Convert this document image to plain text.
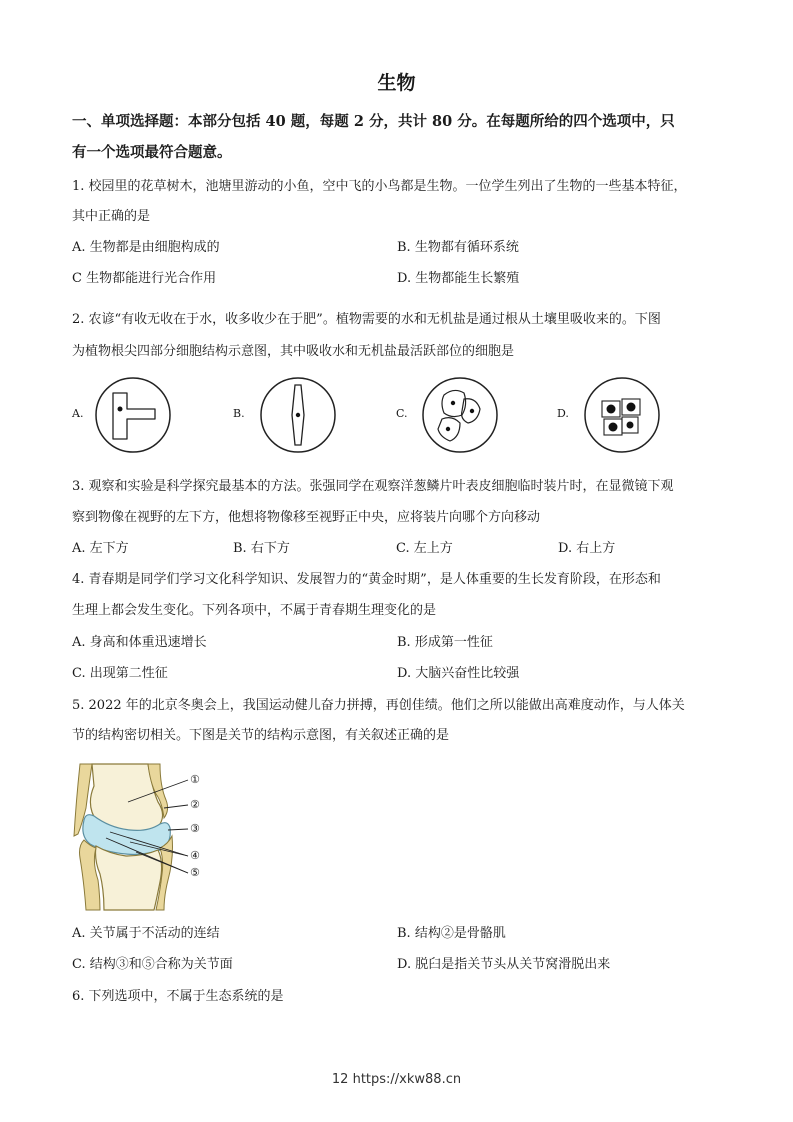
生物
一、单项选择题：本部分包括 40 题，每题 2 分，共计 80 分。在每题所给的四个选项中，只
有一个选项最符合题意。
1. 校园里的花草树木，池塘里游动的小鱼，空中飞的小鸟都是生物。一位学生列出了生物的一些基本特征，
其中正确的是
A. 生物都是由细胞构成的	B. 生物都有循环系统
C 生物都能进行光合作用	D. 生物都能生长繁殖
2. 农谚“有收无收在于水，收多收少在于肥”。植物需要的水和无机盐是通过根从土壤里吸收来的。下图
为植物根尖四部分细胞结构示意图，其中吸收水和无机盐最活跃部位的细胞是
A.	B.	C.	D.
3. 观察和实验是科学探究最基本的方法。张强同学在观察洋葱鳞片叶表皮细胞临时装片时，在显微镜下观
察到物像在视野的左下方，他想将物像移至视野正中央，应将装片向哪个方向移动
A. 左下方	B. 右下方	C. 左上方	D. 右上方
4. 青春期是同学们学习文化科学知识、发展智力的“黄金时期”，是人体重要的生长发育阶段，在形态和
生理上都会发生变化。下列各项中，不属于青春期生理变化的是
A. 身高和体重迅速增长	B. 形成第一性征
C. 出现第二性征	D. 大脑兴奋性比较强
5. 2022 年的北京冬奥会上，我国运动健儿奋力拼搏，再创佳绩。他们之所以能做出高难度动作，与人体关
节的结构密切相关。下图是关节的结构示意图，有关叙述正确的是
①
②
③
④
⑤
A. 关节属于不活动的连结	B. 结构②是骨骼肌
C. 结构③和⑤合称为关节面	D. 脱臼是指关节头从关节窝滑脱出来
6. 下列选项中，不属于生态系统的是
12 https://xkw88.cn
